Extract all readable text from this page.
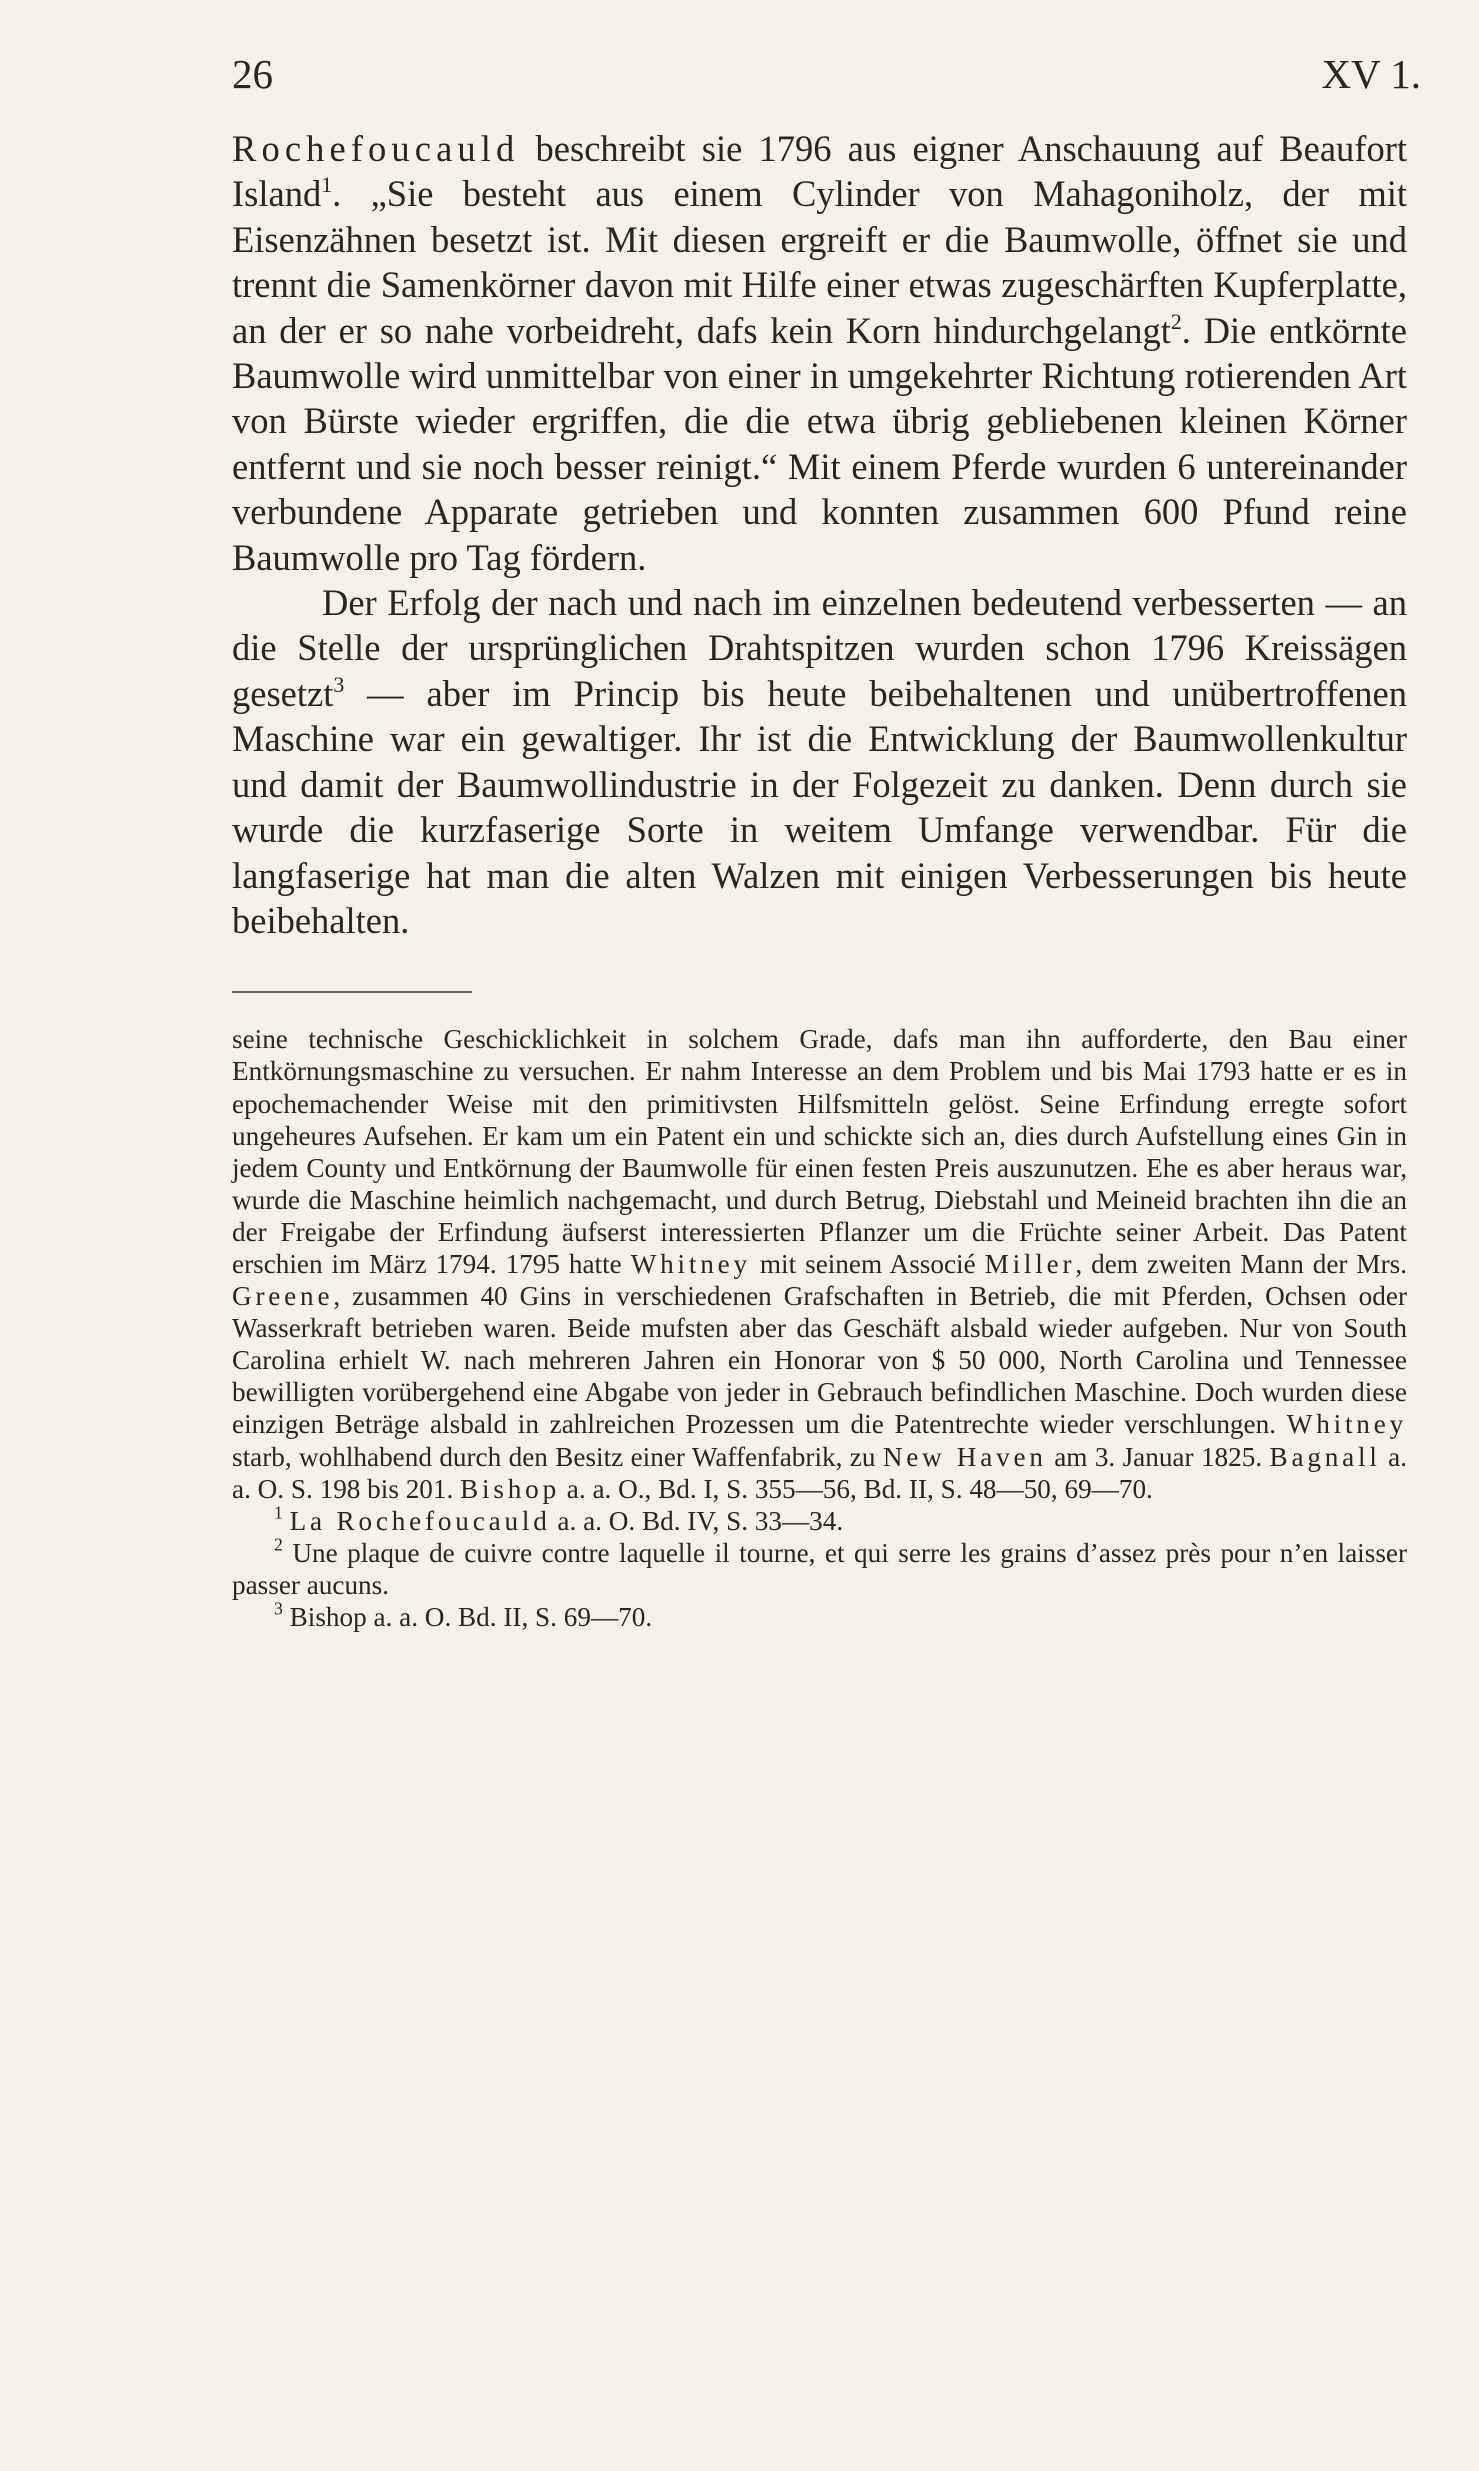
26	XV 1.

Rochefoucauld beschreibt sie 1796 aus eigner Anschauung auf Beaufort Island$^1$. „Sie besteht aus einem Cylinder von Mahagoniholz, der mit Eisenzähnen besetzt ist. Mit diesen ergreift er die Baumwolle, öffnet sie und trennt die Samenkörner davon mit Hilfe einer etwas zugeschärften Kupferplatte, an der er so nahe vorbeidreht, dafs kein Korn hindurchgelangt$^2$. Die entkörnte Baumwolle wird unmittelbar von einer in umgekehrter Richtung rotierenden Art von Bürste wieder ergriffen, die die etwa übrig gebliebenen kleinen Körner entfernt und sie noch besser reinigt.“ Mit einem Pferde wurden 6 untereinander verbundene Apparate getrieben und konnten zusammen 600 Pfund reine Baumwolle pro Tag fördern.

Der Erfolg der nach und nach im einzelnen bedeutend verbesserten — an die Stelle der ursprünglichen Drahtspitzen wurden schon 1796 Kreissägen gesetzt$^3$ — aber im Princip bis heute beibehaltenen und unübertroffenen Maschine war ein gewaltiger. Ihr ist die Entwicklung der Baumwollenkultur und damit der Baumwollindustrie in der Folgezeit zu danken. Denn durch sie wurde die kurzfaserige Sorte in weitem Umfange verwendbar. Für die langfaserige hat man die alten Walzen mit einigen Verbesserungen bis heute beibehalten.

seine technische Geschicklichkeit in solchem Grade, dafs man ihn aufforderte, den Bau einer Entkörnungsmaschine zu versuchen. Er nahm Interesse an dem Problem und bis Mai 1793 hatte er es in epochemachender Weise mit den primitivsten Hilfsmitteln gelöst. Seine Erfindung erregte sofort ungeheures Aufsehen. Er kam um ein Patent ein und schickte sich an, dies durch Aufstellung eines Gin in jedem County und Entkörnung der Baumwolle für einen festen Preis auszunutzen. Ehe es aber heraus war, wurde die Maschine heimlich nachgemacht, und durch Betrug, Diebstahl und Meineid brachten ihn die an der Freigabe der Erfindung äufserst interessierten Pflanzer um die Früchte seiner Arbeit. Das Patent erschien im März 1794. 1795 hatte Whitney mit seinem Associé Miller, dem zweiten Mann der Mrs. Greene, zusammen 40 Gins in verschiedenen Grafschaften in Betrieb, die mit Pferden, Ochsen oder Wasserkraft betrieben waren. Beide mufsten aber das Geschäft alsbald wieder aufgeben. Nur von South Carolina erhielt W. nach mehreren Jahren ein Honorar von $ 50 000, North Carolina und Tennessee bewilligten vorübergehend eine Abgabe von jeder in Gebrauch befindlichen Maschine. Doch wurden diese einzigen Beträge alsbald in zahlreichen Prozessen um die Patentrechte wieder verschlungen. Whitney starb, wohlhabend durch den Besitz einer Waffenfabrik, zu New Haven am 3. Januar 1825. Bagnall a. a. O. S. 198 bis 201. Bishop a. a. O., Bd. I, S. 355—56, Bd. II, S. 48—50, 69—70.

$^1$ La Rochefoucauld a. a. O. Bd. IV, S. 33—34.

$^2$ Une plaque de cuivre contre laquelle il tourne, et qui serre les grains d’assez près pour n’en laisser passer aucuns.

$^3$ Bishop a. a. O. Bd. II, S. 69—70.
